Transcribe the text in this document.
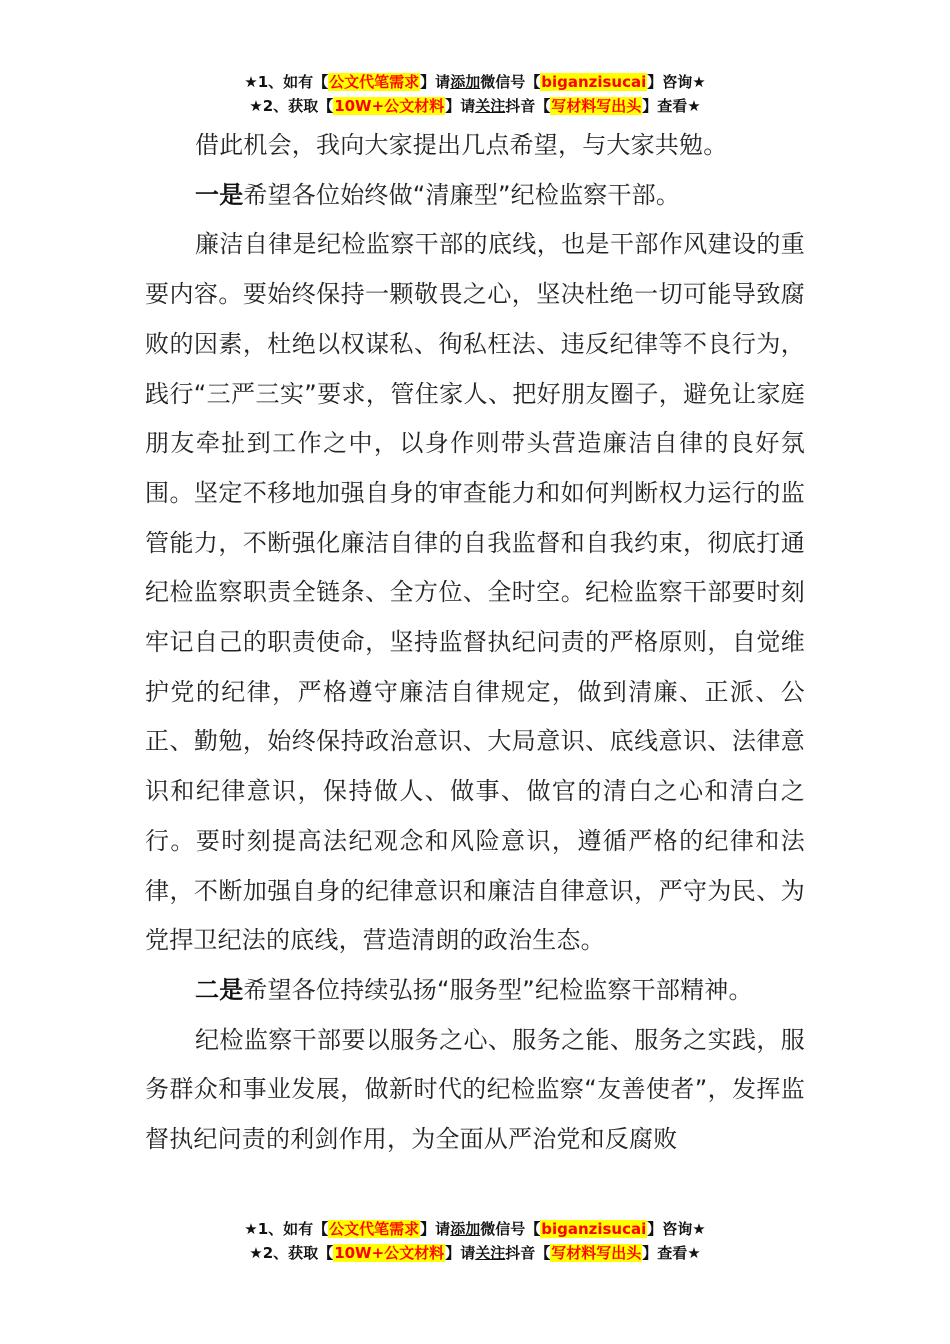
★1、如有【公文代笔需求】请添加微信号【biganzisucai】咨询★
★2、获取【10W+公文材料】请关注抖音【写材料写出头】查看★

借此机会，我向大家提出几点希望，与大家共勉。

一是希望各位始终做“清廉型”纪检监察干部。

廉洁自律是纪检监察干部的底线，也是干部作风建设的重要内容。要始终保持一颗敬畏之心，坚决杜绝一切可能导致腐败的因素，杜绝以权谋私、徇私枉法、违反纪律等不良行为，践行“三严三实”要求，管住家人、把好朋友圈子，避免让家庭朋友牵扯到工作之中，以身作则带头营造廉洁自律的良好氛围。坚定不移地加强自身的审查能力和如何判断权力运行的监管能力，不断强化廉洁自律的自我监督和自我约束，彻底打通纪检监察职责全链条、全方位、全时空。纪检监察干部要时刻牢记自己的职责使命，坚持监督执纪问责的严格原则，自觉维护党的纪律，严格遵守廉洁自律规定，做到清廉、正派、公正、勤勉，始终保持政治意识、大局意识、底线意识、法律意识和纪律意识，保持做人、做事、做官的清白之心和清白之行。要时刻提高法纪观念和风险意识，遵循严格的纪律和法律，不断加强自身的纪律意识和廉洁自律意识，严守为民、为党捍卫纪法的底线，营造清朗的政治生态。

二是希望各位持续弘扬“服务型”纪检监察干部精神。

纪检监察干部要以服务之心、服务之能、服务之实践，服务群众和事业发展，做新时代的纪检监察“友善使者”，发挥监督执纪问责的利剑作用，为全面从严治党和反腐败

★1、如有【公文代笔需求】请添加微信号【biganzisucai】咨询★
★2、获取【10W+公文材料】请关注抖音【写材料写出头】查看★
